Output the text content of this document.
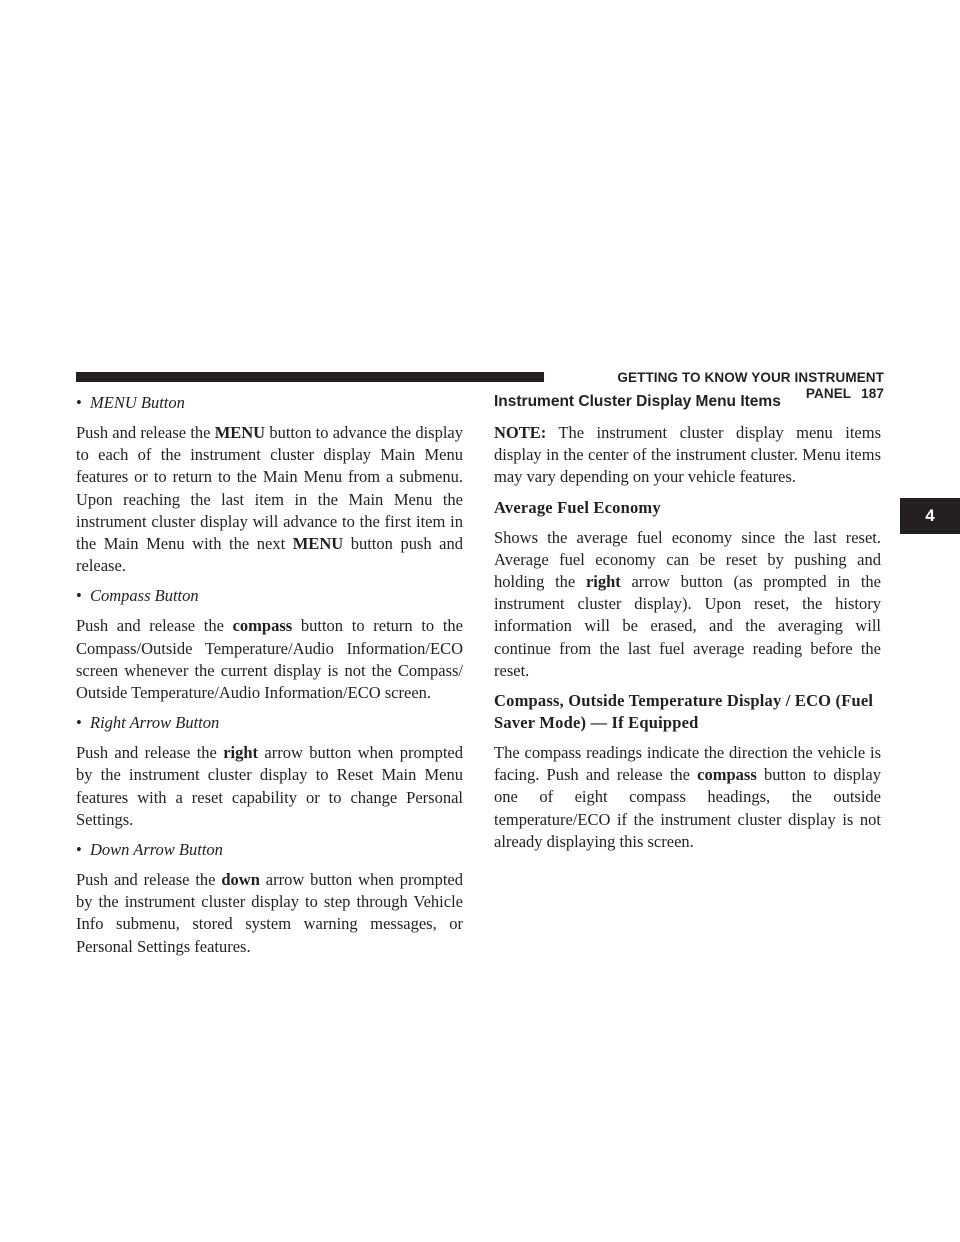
GETTING TO KNOW YOUR INSTRUMENT PANEL 187
4
• MENU Button

Push and release the MENU button to advance the display to each of the instrument cluster display Main Menu features or to return to the Main Menu from a submenu. Upon reaching the last item in the Main Menu the instrument cluster display will advance to the first item in the Main Menu with the next MENU button push and release.

• Compass Button

Push and release the compass button to return to the Compass/Outside Temperature/Audio Information/ECO screen whenever the current display is not the Compass/ Outside Temperature/Audio Information/ECO screen.

• Right Arrow Button

Push and release the right arrow button when prompted by the instrument cluster display to Reset Main Menu features with a reset capability or to change Personal Settings.

• Down Arrow Button

Push and release the down arrow button when prompted by the instrument cluster display to step through Vehicle Info submenu, stored system warning messages, or Personal Settings features.

Instrument Cluster Display Menu Items

NOTE: The instrument cluster display menu items display in the center of the instrument cluster. Menu items may vary depending on your vehicle features.

Average Fuel Economy

Shows the average fuel economy since the last reset. Average fuel economy can be reset by pushing and holding the right arrow button (as prompted in the instrument cluster display). Upon reset, the history information will be erased, and the averaging will continue from the last fuel average reading before the reset.

Compass, Outside Temperature Display / ECO (Fuel
Saver Mode) — If Equipped

The compass readings indicate the direction the vehicle is facing. Push and release the compass button to display one of eight compass headings, the outside temperature/ECO if the instrument cluster display is not already displaying this screen.
